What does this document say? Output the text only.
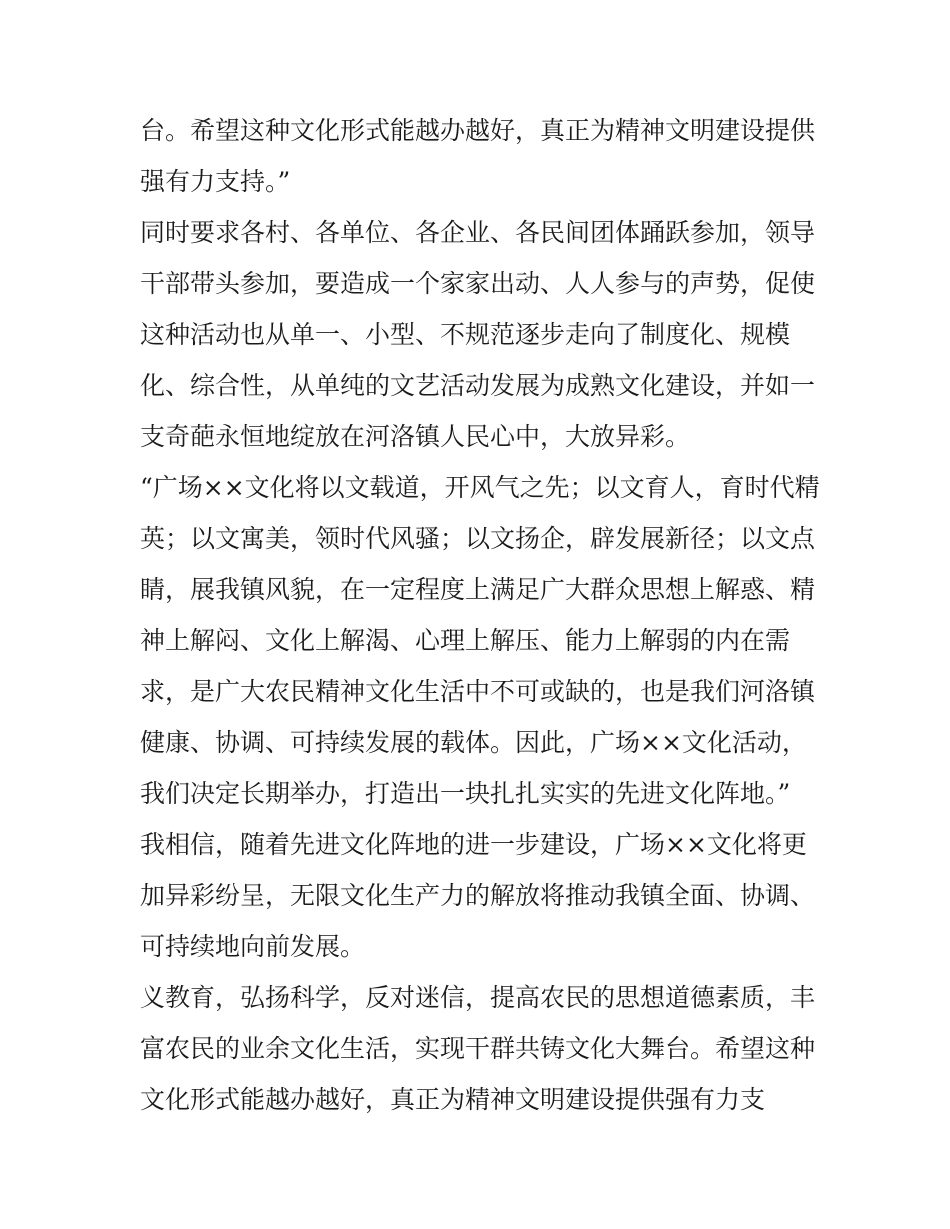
台。希望这种文化形式能越办越好，真正为精神文明建设提供
强有力支持。”
同时要求各村、各单位、各企业、各民间团体踊跃参加，领导
干部带头参加，要造成一个家家出动、人人参与的声势，促使
这种活动也从单一、小型、不规范逐步走向了制度化、规模
化、综合性，从单纯的文艺活动发展为成熟文化建设，并如一
支奇葩永恒地绽放在河洛镇人民心中，大放异彩。
“广场××文化将以文载道，开风气之先；以文育人，育时代精
英；以文寓美，领时代风骚；以文扬企，辟发展新径；以文点
睛，展我镇风貌，在一定程度上满足广大群众思想上解惑、精
神上解闷、文化上解渴、心理上解压、能力上解弱的内在需
求，是广大农民精神文化生活中不可或缺的，也是我们河洛镇
健康、协调、可持续发展的载体。因此，广场××文化活动，
我们决定长期举办，打造出一块扎扎实实的先进文化阵地。”
我相信，随着先进文化阵地的进一步建设，广场××文化将更
加异彩纷呈，无限文化生产力的解放将推动我镇全面、协调、
可持续地向前发展。
义教育，弘扬科学，反对迷信，提高农民的思想道德素质，丰
富农民的业余文化生活，实现干群共铸文化大舞台。希望这种
文化形式能越办越好，真正为精神文明建设提供强有力支
